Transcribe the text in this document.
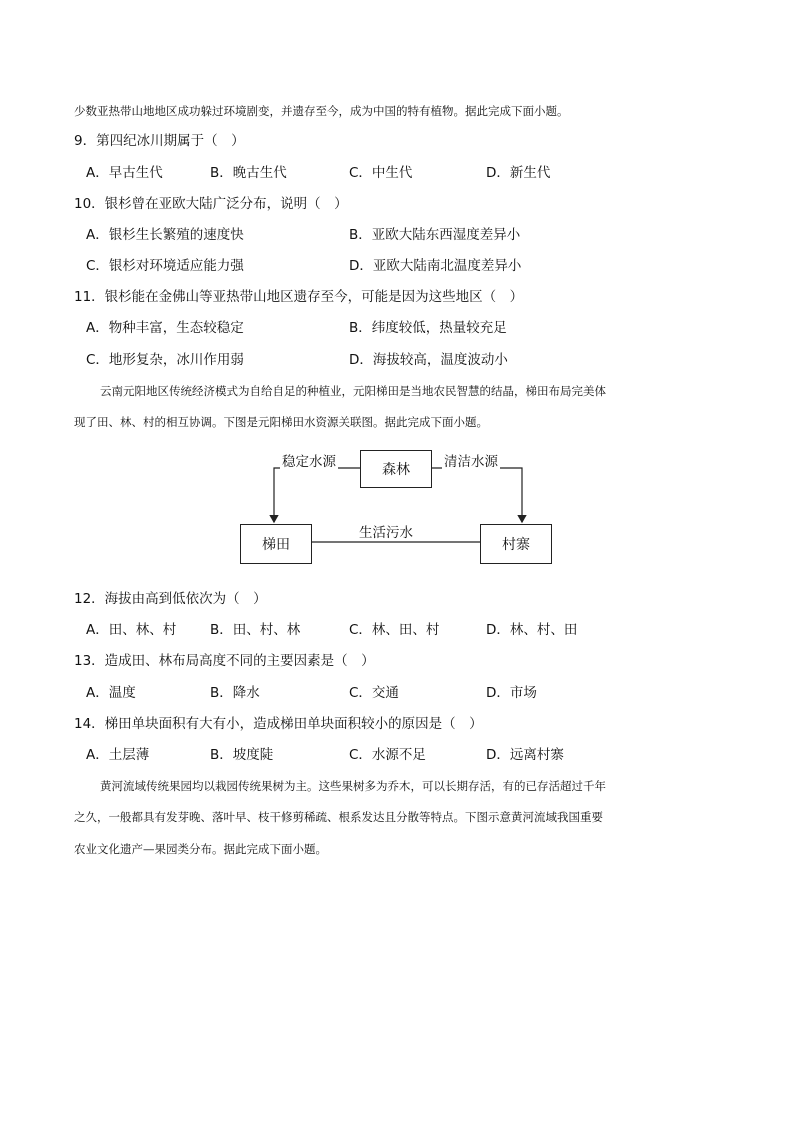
少数亚热带山地地区成功躲过环境剧变，并遗存至今，成为中国的特有植物。据此完成下面小题。
9．第四纪冰川期属于（　）
A．早古生代	B．晚古生代	C．中生代	D．新生代
10．银杉曾在亚欧大陆广泛分布，说明（　）
A．银杉生长繁殖的速度快	B．亚欧大陆东西湿度差异小
C．银杉对环境适应能力强	D．亚欧大陆南北温度差异小
11．银杉能在金佛山等亚热带山地区遗存至今，可能是因为这些地区（　）
A．物种丰富，生态较稳定	B．纬度较低，热量较充足
C．地形复杂，冰川作用弱	D．海拔较高，温度波动小
云南元阳地区传统经济模式为自给自足的种植业，元阳梯田是当地农民智慧的结晶，梯田布局完美体
现了田、林、村的相互协调。下图是元阳梯田水资源关联图。据此完成下面小题。
森林
梯田	村寨
稳定水源	清洁水源
生活污水
12．海拔由高到低依次为（　）
A．田、林、村	B．田、村、林	C．林、田、村	D．林、村、田
13．造成田、林布局高度不同的主要因素是（　）
A．温度	B．降水	C．交通	D．市场
14．梯田单块面积有大有小，造成梯田单块面积较小的原因是（　）
A．土层薄	B．坡度陡	C．水源不足	D．远离村寨
黄河流域传统果园均以栽园传统果树为主。这些果树多为乔木，可以长期存活，有的已存活超过千年
之久，一般都具有发芽晚、落叶早、枝干修剪稀疏、根系发达且分散等特点。下图示意黄河流域我国重要
农业文化遗产—果园类分布。据此完成下面小题。
